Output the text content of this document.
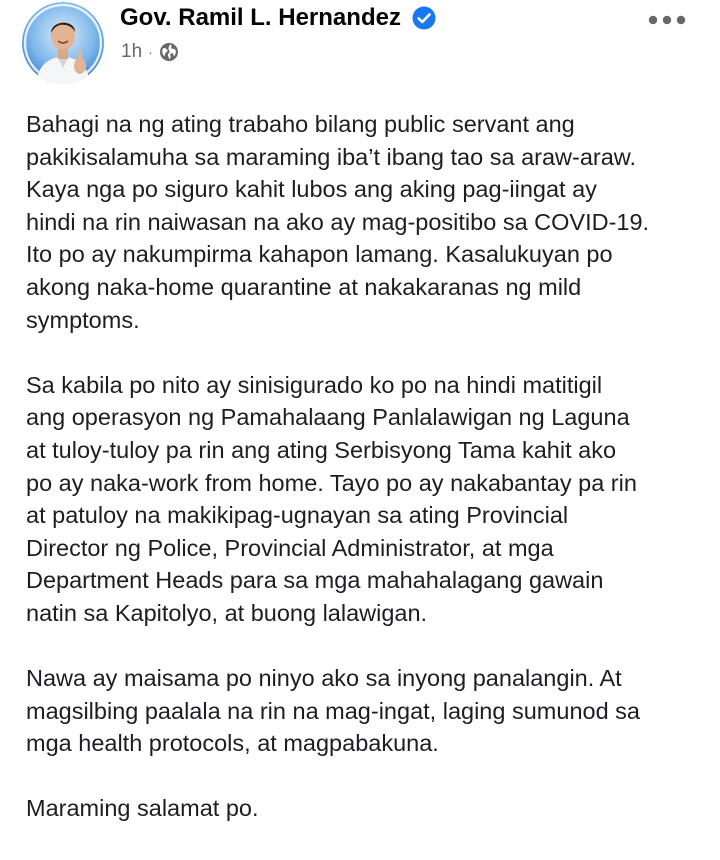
Gov. Ramil L. Hernandez
1h ·

Bahagi na ng ating trabaho bilang public servant ang
pakikisalamuha sa maraming iba’t ibang tao sa araw-araw.
Kaya nga po siguro kahit lubos ang aking pag-iingat ay
hindi na rin naiwasan na ako ay mag-positibo sa COVID-19.
Ito po ay nakumpirma kahapon lamang. Kasalukuyan po
akong naka-home quarantine at nakakaranas ng mild
symptoms.

Sa kabila po nito ay sinisigurado ko po na hindi matitigil
ang operasyon ng Pamahalaang Panlalawigan ng Laguna
at tuloy-tuloy pa rin ang ating Serbisyong Tama kahit ako
po ay naka-work from home. Tayo po ay nakabantay pa rin
at patuloy na makikipag-ugnayan sa ating Provincial
Director ng Police, Provincial Administrator, at mga
Department Heads para sa mga mahahalagang gawain
natin sa Kapitolyo, at buong lalawigan.

Nawa ay maisama po ninyo ako sa inyong panalangin. At
magsilbing paalala na rin na mag-ingat, laging sumunod sa
mga health protocols, at magpabakuna.

Maraming salamat po.
